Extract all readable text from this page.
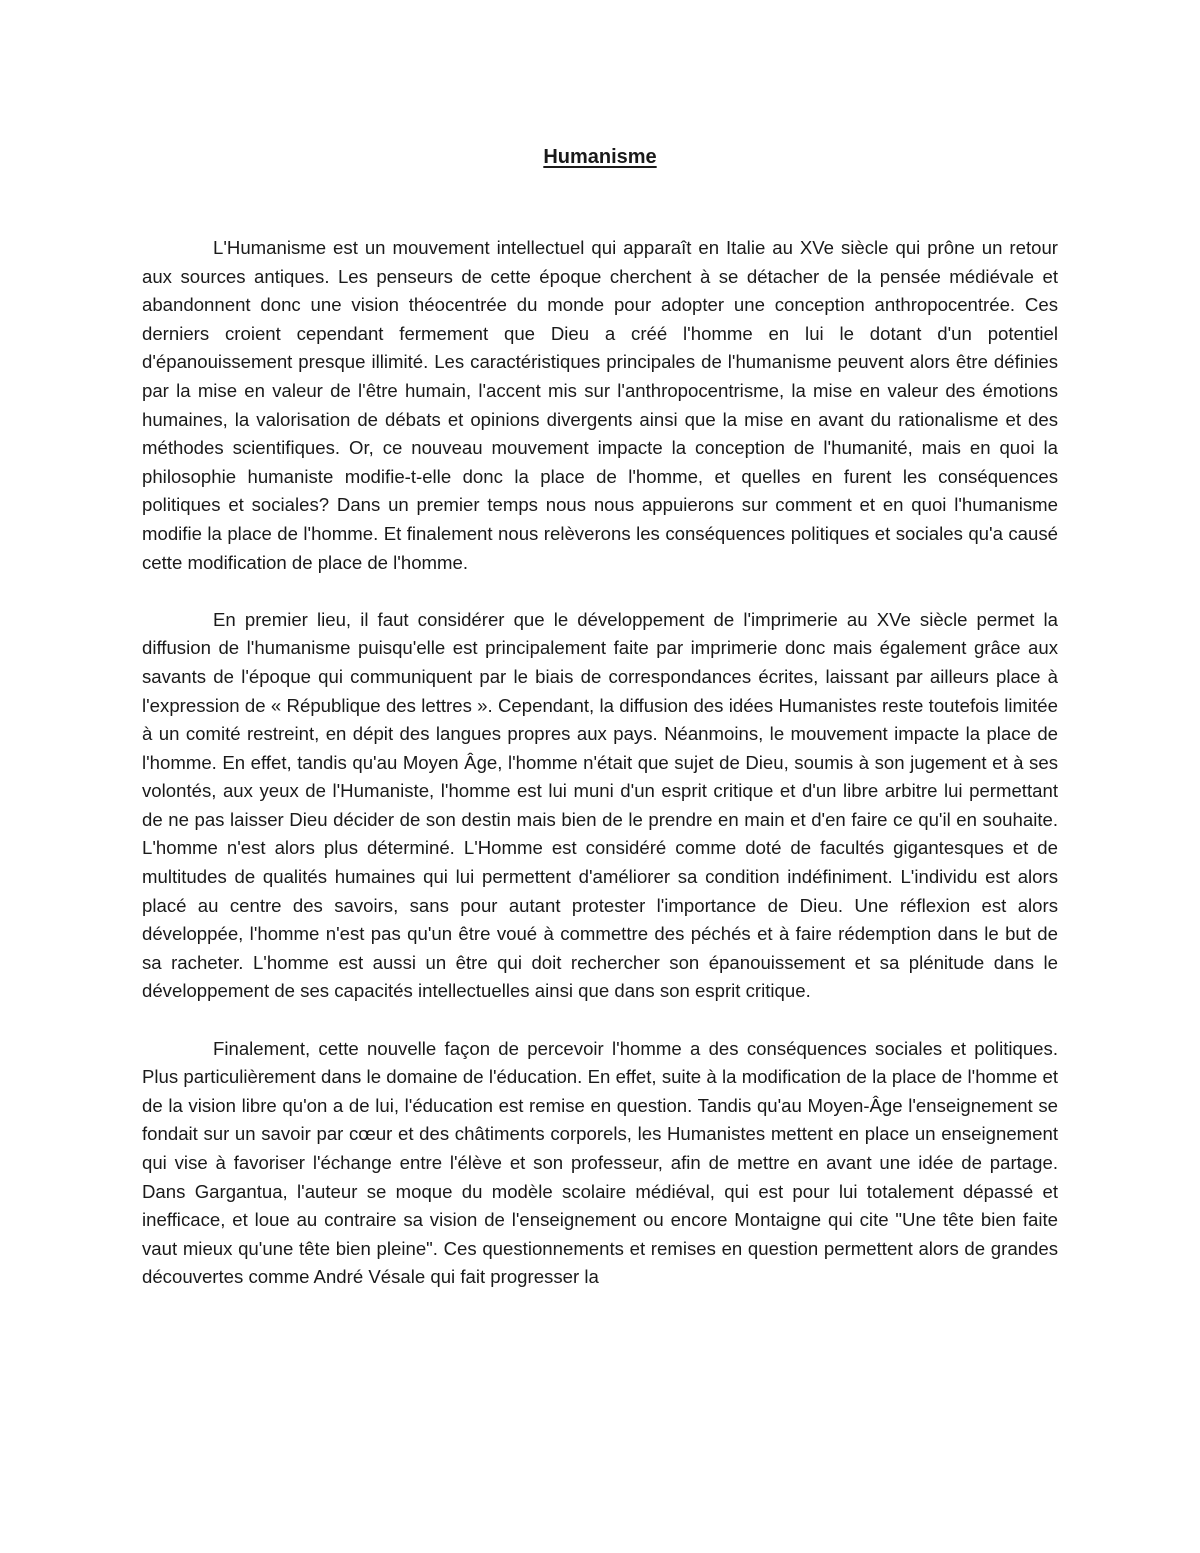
Humanisme

L'Humanisme est un mouvement intellectuel qui apparaît en Italie au XVe siècle qui prône un retour aux sources antiques. Les penseurs de cette époque cherchent à se détacher de la pensée médiévale et abandonnent donc une vision théocentrée du monde pour adopter une conception anthropocentrée. Ces derniers croient cependant fermement que Dieu a créé l'homme en lui le dotant d'un potentiel d'épanouissement presque illimité. Les caractéristiques principales de l'humanisme peuvent alors être définies par la mise en valeur de l'être humain, l'accent mis sur l'anthropocentrisme, la mise en valeur des émotions humaines, la valorisation de débats et opinions divergents ainsi que la mise en avant du rationalisme et des méthodes scientifiques. Or, ce nouveau mouvement impacte la conception de l'humanité, mais en quoi la philosophie humaniste modifie-t-elle donc la place de l'homme, et quelles en furent les conséquences politiques et sociales? Dans un premier temps nous nous appuierons sur comment et en quoi l'humanisme modifie la place de l'homme. Et finalement nous relèverons les conséquences politiques et sociales qu'a causé cette modification de place de l'homme.

En premier lieu, il faut considérer que le développement de l'imprimerie au XVe siècle permet la diffusion de l'humanisme puisqu'elle est principalement faite par imprimerie donc mais également grâce aux savants de l'époque qui communiquent par le biais de correspondances écrites, laissant par ailleurs place à l'expression de « République des lettres ». Cependant, la diffusion des idées Humanistes reste toutefois limitée à un comité restreint, en dépit des langues propres aux pays. Néanmoins, le mouvement impacte la place de l'homme. En effet, tandis qu'au Moyen Âge, l'homme n'était que sujet de Dieu, soumis à son jugement et à ses volontés, aux yeux de l'Humaniste, l'homme est lui muni d'un esprit critique et d'un libre arbitre lui permettant de ne pas laisser Dieu décider de son destin mais bien de le prendre en main et d'en faire ce qu'il en souhaite. L'homme n'est alors plus déterminé. L'Homme est considéré comme doté de facultés gigantesques et de multitudes de qualités humaines qui lui permettent d'améliorer sa condition indéfiniment. L'individu est alors placé au centre des savoirs, sans pour autant protester l'importance de Dieu. Une réflexion est alors développée, l'homme n'est pas qu'un être voué à commettre des péchés et à faire rédemption dans le but de sa racheter. L'homme est aussi un être qui doit rechercher son épanouissement et sa plénitude dans le développement de ses capacités intellectuelles ainsi que dans son esprit critique.

Finalement, cette nouvelle façon de percevoir l'homme a des conséquences sociales et politiques. Plus particulièrement dans le domaine de l'éducation. En effet, suite à la modification de la place de l'homme et de la vision libre qu'on a de lui, l'éducation est remise en question. Tandis qu'au Moyen-Âge l'enseignement se fondait sur un savoir par cœur et des châtiments corporels, les Humanistes mettent en place un enseignement qui vise à favoriser l'échange entre l'élève et son professeur, afin de mettre en avant une idée de partage. Dans Gargantua, l'auteur se moque du modèle scolaire médiéval, qui est pour lui totalement dépassé et inefficace, et loue au contraire sa vision de l'enseignement ou encore Montaigne qui cite "Une tête bien faite vaut mieux qu'une tête bien pleine". Ces questionnements et remises en question permettent alors de grandes découvertes comme André Vésale qui fait progresser la
